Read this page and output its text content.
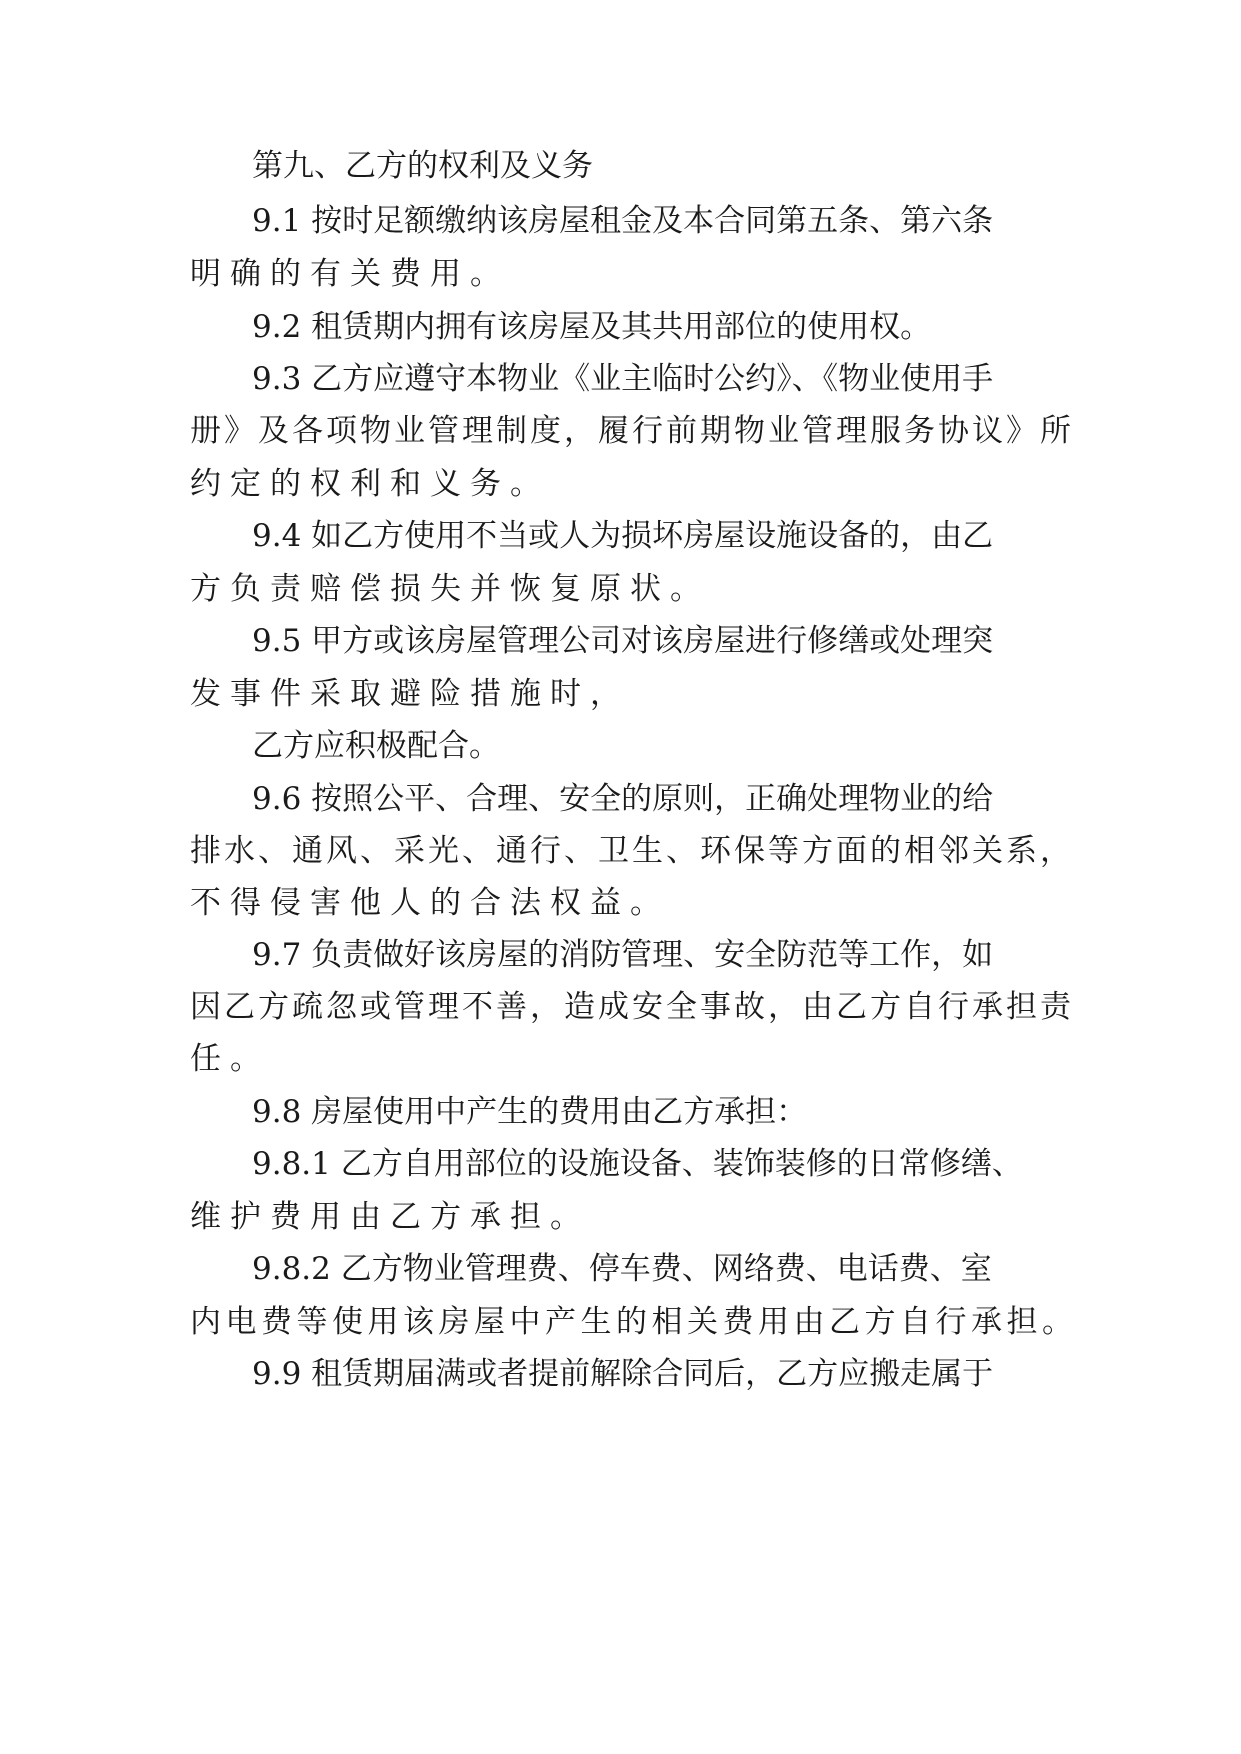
第九、乙方的权利及义务
9.1 按时足额缴纳该房屋租金及本合同第五条、第六条
明确的有关费用。
9.2 租赁期内拥有该房屋及其共用部位的使用权。
9.3 乙方应遵守本物业《业主临时公约》、《物业使用手
册》及各项物业管理制度，履行前期物业管理服务协议》所
约定的权利和义务。
9.4 如乙方使用不当或人为损坏房屋设施设备的，由乙
方负责赔偿损失并恢复原状。
9.5 甲方或该房屋管理公司对该房屋进行修缮或处理突
发事件采取避险措施时，
乙方应积极配合。
9.6 按照公平、合理、安全的原则，正确处理物业的给
排水、通风、采光、通行、卫生、环保等方面的相邻关系，
不得侵害他人的合法权益。
9.7 负责做好该房屋的消防管理、安全防范等工作，如
因乙方疏忽或管理不善，造成安全事故，由乙方自行承担责
任。
9.8 房屋使用中产生的费用由乙方承担：
9.8.1 乙方自用部位的设施设备、装饰装修的日常修缮、
维护费用由乙方承担。
9.8.2 乙方物业管理费、停车费、网络费、电话费、室
内电费等使用该房屋中产生的相关费用由乙方自行承担。
9.9 租赁期届满或者提前解除合同后，乙方应搬走属于
